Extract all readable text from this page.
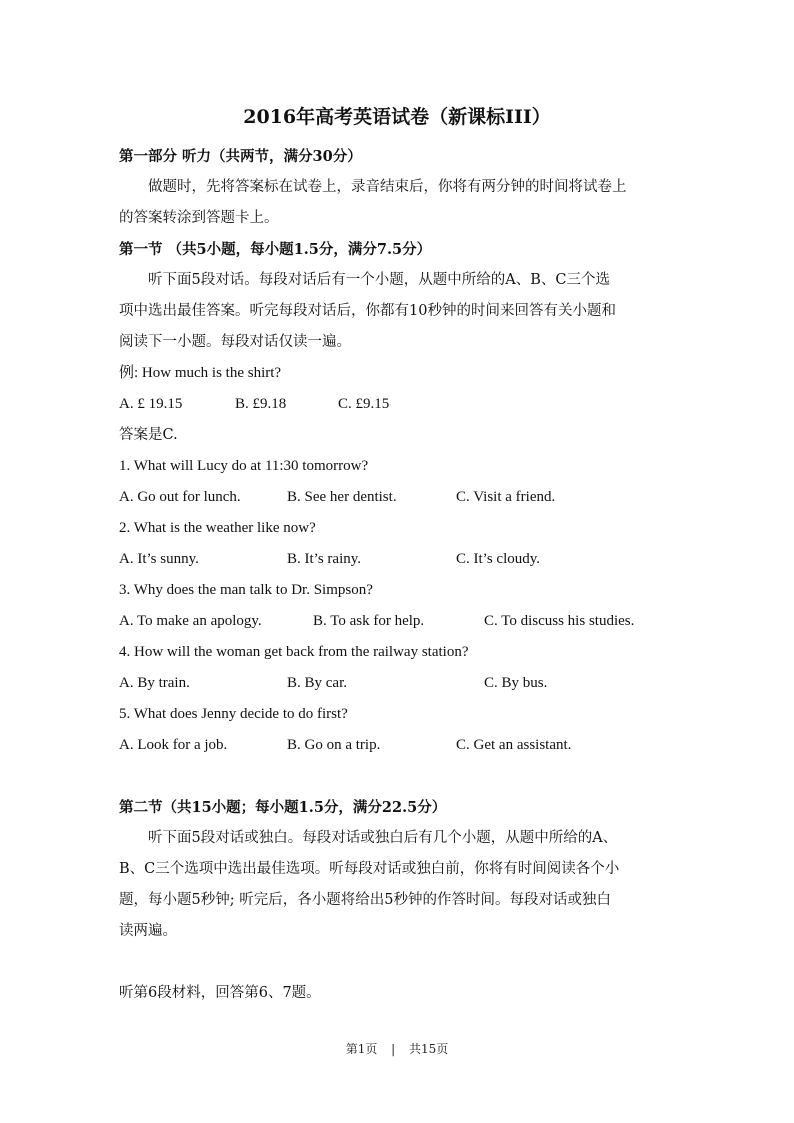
2016年高考英语试卷（新课标III）
第一部分 听力（共两节，满分30分）
做题时，先将答案标在试卷上，录音结束后，你将有两分钟的时间将试卷上
的答案转涂到答题卡上。
第一节 （共5小题，每小题1.5分，满分7.5分）
听下面5段对话。每段对话后有一个小题，从题中所给的A、B、C三个选
项中选出最佳答案。听完每段对话后，你都有10秒钟的时间来回答有关小题和
阅读下一小题。每段对话仅读一遍。
例: How much is the shirt?
A. £ 19.15	B. £9.18	C. £9.15
答案是C.
1. What will Lucy do at 11:30 tomorrow?
A. Go out for lunch.	B. See her dentist.	C. Visit a friend.
2. What is the weather like now?
A. It’s sunny.	B. It’s rainy.	C. It’s cloudy.
3. Why does the man talk to Dr. Simpson?
A. To make an apology.	B. To ask for help.	C. To discuss his studies.
4. How will the woman get back from the railway station?
A. By train.	B. By car.	C. By bus.
5. What does Jenny decide to do first?
A. Look for a job.	B. Go on a trip.	C. Get an assistant.
第二节（共15小题；每小题1.5分，满分22.5分）
听下面5段对话或独白。每段对话或独白后有几个小题，从题中所给的A、
B、C三个选项中选出最佳选项。听每段对话或独白前，你将有时间阅读各个小
题，每小题5秒钟; 听完后，各小题将给出5秒钟的作答时间。每段对话或独白
读两遍。
听第6段材料，回答第6、7题。
第1页 | 共15页
